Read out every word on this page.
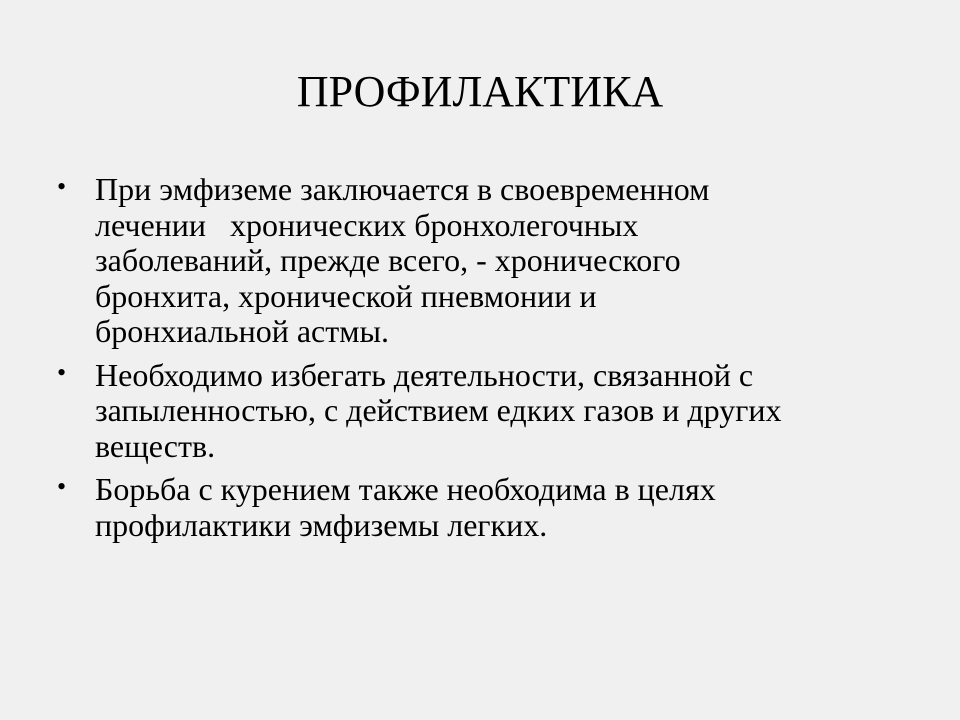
ПРОФИЛАКТИКА
• При эмфиземе заключается в своевременном
лечении   хронических бронхолегочных
заболеваний, прежде всего, - хронического
бронхита, хронической пневмонии и
бронхиальной астмы.
• Необходимо избегать деятельности, связанной с
запыленностью, с действием едких газов и других
веществ.
• Борьба с курением также необходима в целях
профилактики эмфиземы легких.
